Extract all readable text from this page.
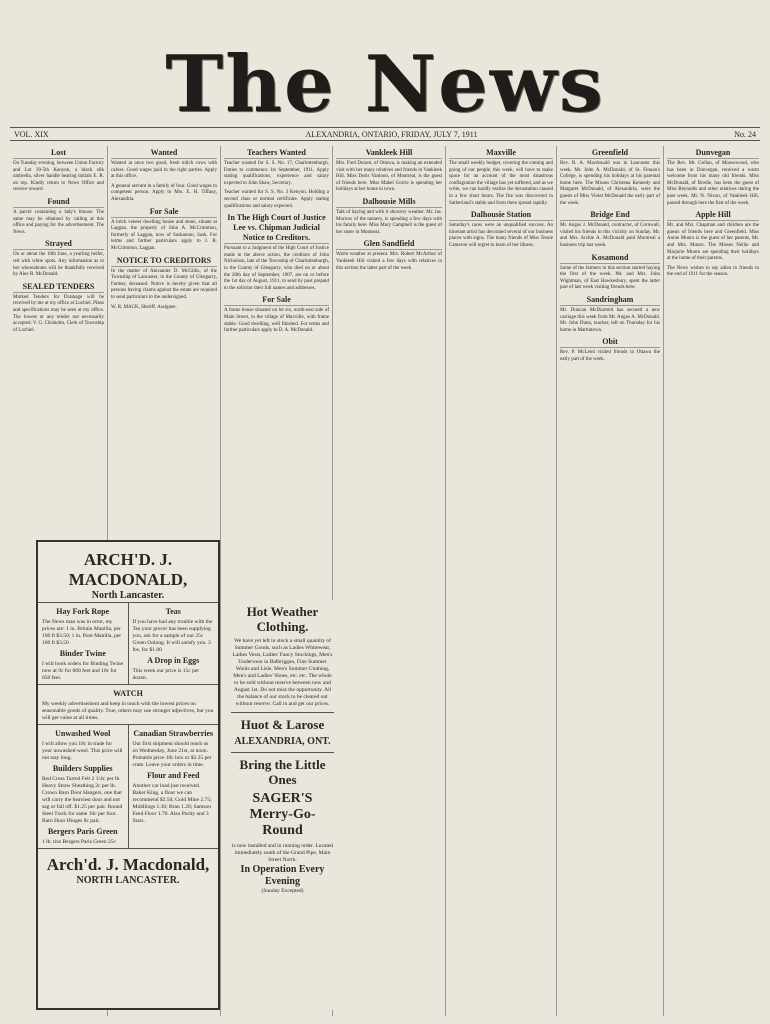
The News
VOL. XIX	ALEXANDRIA, ONTARIO, FRIDAY, JULY 7, 1911	No. 24
Lost

On Tuesday evening, between Union Factory and Lot 39-5th Kenyon, a black silk umbrella, silver handle bearing initials E. R. on top. Kindly return to News Office and receive reward.

Found

A parcel containing a lady's blouse. The same may be obtained by calling at this office and paying for the advertisement. The News.

Strayed

On or about the 10th June, a yearling heifer, red with white spots. Any information as to her whereabouts will be thankfully received by Alex R. McDonald.

SEALED TENDERS

Marked Tenders for Drainage will be received by me at my office at Lochiel. Plans and specifications may be seen at my office. The lowest or any tender not necessarily accepted. V. G. Chisholm, Clerk of Township of Lochiel.

Wanted

Wanted at once two good, fresh milch cows with calves. Good wages paid to the right parties. Apply at this office.

A general servant in a family of four. Good wages to competent person. Apply to Mrs. E. H. Tiffany, Alexandria.

For Sale

A brick veneer dwelling house and stone, situate at Laggan, the property of John A. McCrimmon, formerly of Laggan, now of Saskatoon, Sask. For terms and further particulars apply to J. R. McCrimmon, Laggan.

NOTICE TO CREDITORS

In the matter of Alexander D. McGillis, of the Township of Lancaster, in the County of Glengarry, Farmer, deceased. Notice is hereby given that all persons having claims against the estate are required to send particulars to the undersigned.

W. R. MACK, Sheriff. Assignee.

Teachers Wanted

Teacher wanted for S. S. No. 17, Charlottenburgh. Duties to commence 1st September, 1911. Apply stating qualifications, experience and salary expected to John Shaw, Secretary.

Teacher wanted for S. S. No. 3 Kenyon. Holding a second class or normal certificate. Apply stating qualifications and salary expected.

In The High Court of Justice Lee vs. Chipman Judicial Notice to Creditors.

Pursuant to a Judgment of the High Court of Justice made in the above action, the creditors of John Nicholson, late of the Township of Charlottenburgh, in the County of Glengarry, who died on or about the 20th day of September, 1907, are on or before the 1st day of August, 1911, to send by post prepaid to the solicitor their full names and addresses.

For Sale

A frame house situated on lot six, north-east side of Main Street, in the village of Maxville, with frame stable. Good dwelling, well finished. For terms and further particulars apply to D. A. McDonald.

Vankleek Hill

Mrs. Fred Durant, of Ottawa, is making an extended visit with her many relatives and friends in Vankleek Hill. Miss Doris Vanloon, of Montreal, is the guest of friends here. Miss Mabel Gorrie is spending her holidays at her home in town.

Dalhousie Mills

Talk of haying and with it showery weather. Mr. Jas. Morrow of the tannery, is spending a few days with his family here. Miss Mary Campbell is the guest of her sister in Montreal.

Glen Sandfield

Warm weather at present. Mrs. Robert McArthur of Vankleek Hill visited a few days with relatives in this section the latter part of the week.

Maxville

The small weekly budget, covering the coming and going of our people, this week, will have to make space for an account of the most disastrous conflagration the village has yet suffered, and as we write, we can hardly realize the devastation caused in a few short hours. The fire was discovered in Sutherland's stable and from there spread rapidly.

Dalhousie Station

Saturday's races were an unqualified success. An itinerant artist has decorated several of our business places with signs. The many friends of Miss Tessie Cameron will regret to learn of her illness.

Greenfield

Rev. R. A. Macdonald was in Lancaster this week. Mr. John A. McDonald, of St. Finnan's College, is spending his holidays at his parental home here. The Misses Christena Kennedy and Margaret McDonald, of Alexandria, were the guests of Miss Violet McDonald the early part of the week.

Bridge End

Mr. Angus J. McDonald, contractor, of Cornwall, visited his friends in this vicinity on Sunday. Mr. and Mrs. Archie A. McDonald paid Montreal a business trip last week.

Kosamond

Some of the farmers in this section started haying the first of the week. Mr. and Mrs. John Wightman, of East Hawkesbury, spent the latter part of last week visiting friends here.

Sandringham

Mr. Duncan McDiarmid has secured a new carriage this week from Mr. Angus A. McDonald. Mr. John Dunn, teacher, left on Thursday for his home in Martintown.

Obit

Rev. P. McLeod visited friends in Ottawa the early part of the week.

Dunvegan

The Rev. Mr. Gollan, of Moosewood, who has been in Dunvegan, received a warm welcome from his many old friends. Miss McDonald, of Brodie, has been the guest of Miss Reynolds and other relatives during the past week. Mr. N. Nixon, of Vankleek Hill, passed through here the first of the week.

Apple Hill

Mr. and Mrs. Chapman and children are the guests of friends here and Greenfield. Miss Annie Munro is the guest of her parents, Mr. and Mrs. Munro. The Misses Nellie and Marjorie Munro are spending their holidays at the home of their parents.

The News wishes to say adieu to friends in the end of 1911 for the season.

ARCH'D. J. MACDONALD,
North Lancaster.
Hay Fork Rope
The News man was in error, my prices are: 1 in. Britain Manilla, per 100 ft $3.50; 1 in. Pure Manilla, per 100 ft $3.50
Binder Twine
I will book orders for Binding Twine now at 9c for 600 feet and 10c for 650 feet.
Teas
If you have had any trouble with the Tea your grocer has been supplying you, ask for a sample of our 25c Green Oolong. It will satisfy you. 3 lbs. for $1.00
A Drop in Eggs
This week our price is 15c per dozen.
WATCH
My weekly advertisement and keep in touch with the lowest prices on seasonable goods of quality. True, others may use stronger adjectives, but you will get value at all times.
Unwashed Wool
I will allow you 18c in trade for your unwashed wool. This price will not stay long.
Builders Supplies
Red Cross Tarred Felt 2 1/4c per lb. Heavy Straw Sheathing 2c per lb. Crown Barn Door Hangers, one that will carry the heaviest door and not sag or fall off. $1.25 per pair. Round Steel Track for same 10c per foot. Barn Door Hinges 8c pair.
Bergers Paris Green
1 lb. tins Bergers Paris Green 25c
Canadian Strawberries
Our first shipment should reach us on Wednesday, June 21st, at noon. Probable price 10c box or $2.25 per crate. Leave your orders in time.
Flour and Feed
Another car load just received. Baker King, a flour we can recommend $2.50; Gold Mine 2.75; Middlings 1.30; Bran 1.20; Samson Feed Flour 1.70. Also Purity and 3 Stars.
Arch'd. J. Macdonald,
NORTH LANCASTER.
Hot Weather Clothing.
We have yet left in stock a small quantity of Summer Goods, such as Ladies Whitewear, Ladies Vests, Ladies' Fancy Stockings, Men's Underwear in Balbriggan, Fine Summer Wools and Lisle, Men's Summer Clothing, Men's and Ladies' Shoes, etc. etc. The whole to be sold without reserve between now and August 1st. Do not miss the opportunity. All the balance of our stock to be cleared out without reserve. Call in and get our prices.
Huot & Larose
ALEXANDRIA, ONT.
Bring the Little Ones
SAGER'S Merry-Go-Round
is now installed and in running order. Located immediately south of the Grand Pipe, Main Street North.
In Operation Every Evening
(Sunday Excepted)
